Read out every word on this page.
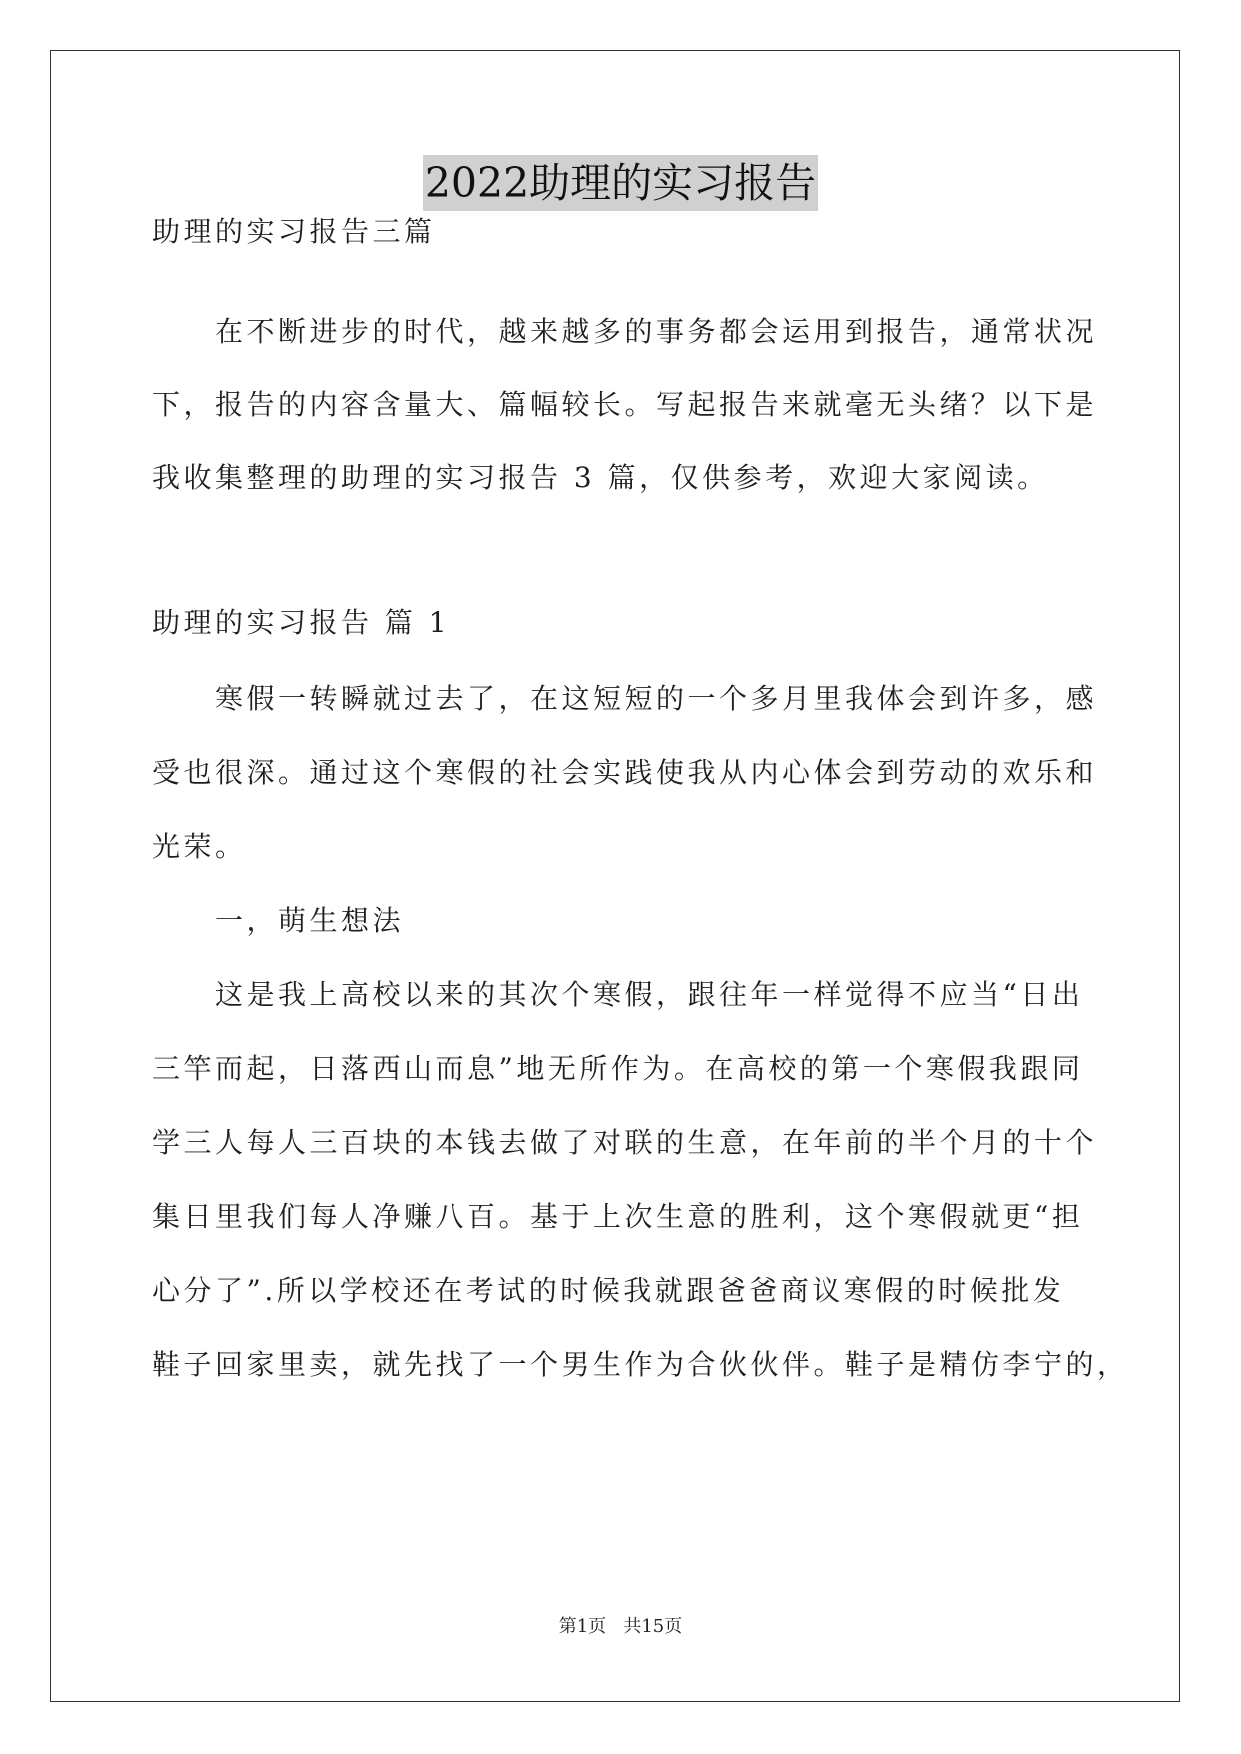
2022助理的实习报告
助理的实习报告三篇
在不断进步的时代，越来越多的事务都会运用到报告，通常状况
下，报告的内容含量大、篇幅较长。写起报告来就毫无头绪？以下是
我收集整理的助理的实习报告 3 篇，仅供参考，欢迎大家阅读。
助理的实习报告 篇 1
寒假一转瞬就过去了，在这短短的一个多月里我体会到许多，感
受也很深。通过这个寒假的社会实践使我从内心体会到劳动的欢乐和
光荣。
一，萌生想法
这是我上高校以来的其次个寒假，跟往年一样觉得不应当“日出
三竿而起，日落西山而息”地无所作为。在高校的第一个寒假我跟同
学三人每人三百块的本钱去做了对联的生意，在年前的半个月的十个
集日里我们每人净赚八百。基于上次生意的胜利，这个寒假就更“担
心分了”.所以学校还在考试的时候我就跟爸爸商议寒假的时候批发
鞋子回家里卖，就先找了一个男生作为合伙伙伴。鞋子是精仿李宁的，
第1页   共15页
